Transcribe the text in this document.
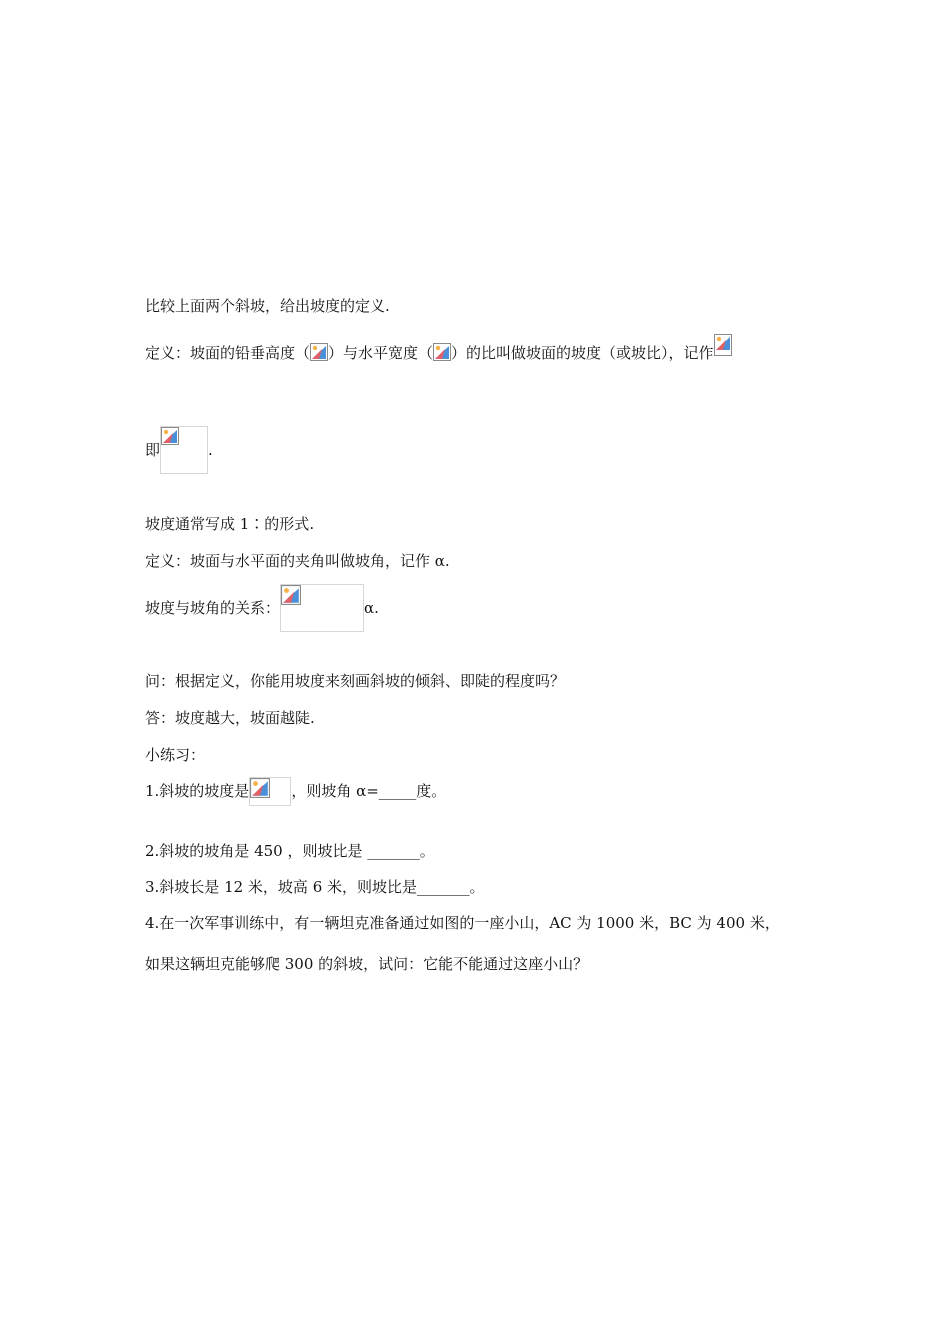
比较上面两个斜坡，给出坡度的定义.
定义：坡面的铅垂高度（ ）与水平宽度（ ）的比叫做坡面的坡度（或坡比），记作
即	.
坡度通常写成 1∶的形式.
定义：坡面与水平面的夹角叫做坡角，记作 α.
坡度与坡角的关系：	α.
问：根据定义，你能用坡度来刻画斜坡的倾斜、即陡的程度吗？
答：坡度越大，坡面越陡.
小练习：
1.斜坡的坡度是	，则坡角 α=_____度。
2.斜坡的坡角是 450 ，则坡比是 _______。
3.斜坡长是 12 米，坡高 6 米，则坡比是_______。
4.在一次军事训练中，有一辆坦克准备通过如图的一座小山，AC 为 1000 米，BC 为 400 米，
如果这辆坦克能够爬 300 的斜坡，试问：它能不能通过这座小山？
